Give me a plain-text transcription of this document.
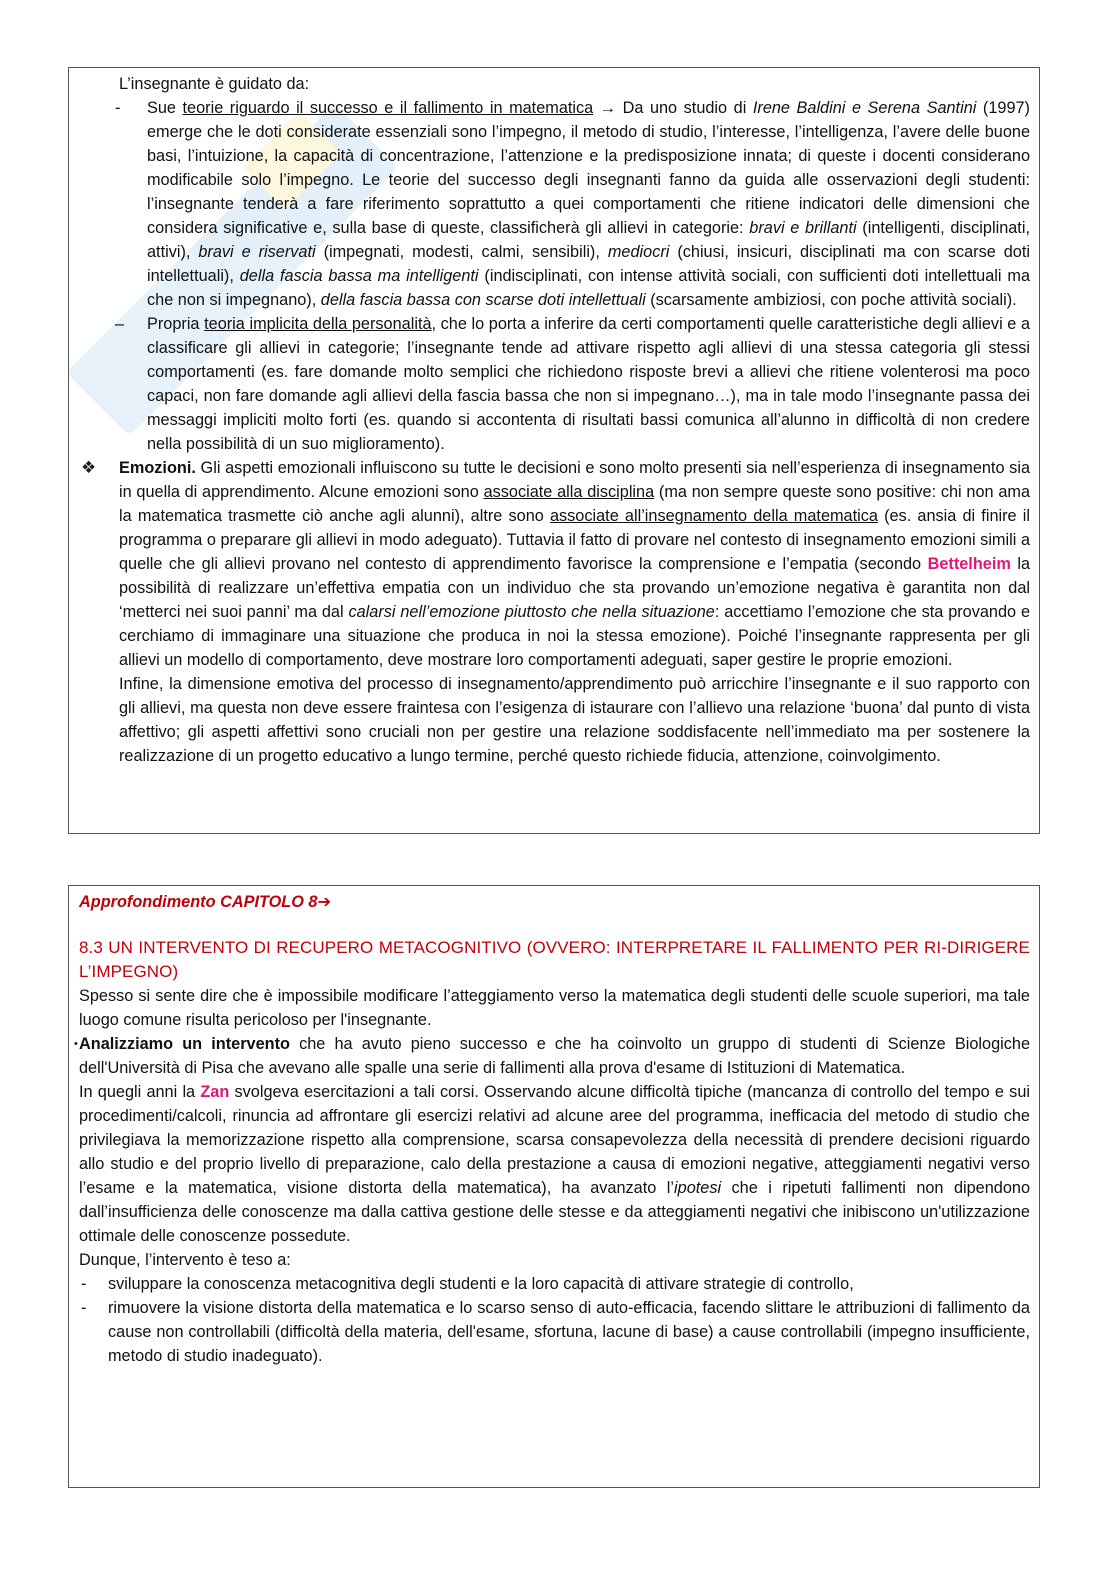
L’insegnante è guidato da:
- Sue teorie riguardo il successo e il fallimento in matematica → Da uno studio di Irene Baldini e Serena Santini (1997) emerge che le doti considerate essenziali sono l’impegno, il metodo di studio, l’interesse, l’intelligenza, l’avere delle buone basi, l’intuizione, la capacità di concentrazione, l’attenzione e la predisposizione innata; di queste i docenti considerano modificabile solo l’impegno. Le teorie del successo degli insegnanti fanno da guida alle osservazioni degli studenti: l’insegnante tenderà a fare riferimento soprattutto a quei comportamenti che ritiene indicatori delle dimensioni che considera significative e, sulla base di queste, classificherà gli allievi in categorie: bravi e brillanti (intelligenti, disciplinati, attivi), bravi e riservati (impegnati, modesti, calmi, sensibili), mediocri (chiusi, insicuri, disciplinati ma con scarse doti intellettuali), della fascia bassa ma intelligenti (indisciplinati, con intense attività sociali, con sufficienti doti intellettuali ma che non si impegnano), della fascia bassa con scarse doti intellettuali (scarsamente ambiziosi, con poche attività sociali).
– Propria teoria implicita della personalità, che lo porta a inferire da certi comportamenti quelle caratteristiche degli allievi e a classificare gli allievi in categorie; l’insegnante tende ad attivare rispetto agli allievi di una stessa categoria gli stessi comportamenti (es. fare domande molto semplici che richiedono risposte brevi a allievi che ritiene volenterosi ma poco capaci, non fare domande agli allievi della fascia bassa che non si impegnano…), ma in tale modo l’insegnante passa dei messaggi impliciti molto forti (es. quando si accontenta di risultati bassi comunica all’alunno in difficoltà di non credere nella possibilità di un suo miglioramento).
❖ Emozioni. Gli aspetti emozionali influiscono su tutte le decisioni e sono molto presenti sia nell’esperienza di insegnamento sia in quella di apprendimento. Alcune emozioni sono associate alla disciplina (ma non sempre queste sono positive: chi non ama la matematica trasmette ciò anche agli alunni), altre sono associate all’insegnamento della matematica (es. ansia di finire il programma o preparare gli allievi in modo adeguato). Tuttavia il fatto di provare nel contesto di insegnamento emozioni simili a quelle che gli allievi provano nel contesto di apprendimento favorisce la comprensione e l’empatia (secondo Bettelheim la possibilità di realizzare un’effettiva empatia con un individuo che sta provando un’emozione negativa è garantita non dal ‘metterci nei suoi panni’ ma dal calarsi nell’emozione piuttosto che nella situazione: accettiamo l’emozione che sta provando e cerchiamo di immaginare una situazione che produca in noi la stessa emozione). Poiché l’insegnante rappresenta per gli allievi un modello di comportamento, deve mostrare loro comportamenti adeguati, saper gestire le proprie emozioni.
Infine, la dimensione emotiva del processo di insegnamento/apprendimento può arricchire l’insegnante e il suo rapporto con gli allievi, ma questa non deve essere fraintesa con l’esigenza di istaurare con l’allievo una relazione ‘buona’ dal punto di vista affettivo; gli aspetti affettivi sono cruciali non per gestire una relazione soddisfacente nell’immediato ma per sostenere la realizzazione di un progetto educativo a lungo termine, perché questo richiede fiducia, attenzione, coinvolgimento.
Approfondimento CAPITOLO 8➔
8.3 UN INTERVENTO DI RECUPERO METACOGNITIVO (OVVERO: INTERPRETARE IL FALLIMENTO PER RI-DIRIGERE L’IMPEGNO)
Spesso si sente dire che è impossibile modificare l’atteggiamento verso la matematica degli studenti delle scuole superiori, ma tale luogo comune risulta pericoloso per l'insegnante.
• Analizziamo un intervento che ha avuto pieno successo e che ha coinvolto un gruppo di studenti di Scienze Biologiche dell'Università di Pisa che avevano alle spalle una serie di fallimenti alla prova d'esame di Istituzioni di Matematica.
In quegli anni la Zan svolgeva esercitazioni a tali corsi. Osservando alcune difficoltà tipiche (mancanza di controllo del tempo e sui procedimenti/calcoli, rinuncia ad affrontare gli esercizi relativi ad alcune aree del programma, inefficacia del metodo di studio che privilegiava la memorizzazione rispetto alla comprensione, scarsa consapevolezza della necessità di prendere decisioni riguardo allo studio e del proprio livello di preparazione, calo della prestazione a causa di emozioni negative, atteggiamenti negativi verso l’esame e la matematica, visione distorta della matematica), ha avanzato l’ipotesi che i ripetuti fallimenti non dipendono dall’insufficienza delle conoscenze ma dalla cattiva gestione delle stesse e da atteggiamenti negativi che inibiscono un'utilizzazione ottimale delle conoscenze possedute.
Dunque, l’intervento è teso a:
- sviluppare la conoscenza metacognitiva degli studenti e la loro capacità di attivare strategie di controllo,
- rimuovere la visione distorta della matematica e lo scarso senso di auto-efficacia, facendo slittare le attribuzioni di fallimento da cause non controllabili (difficoltà della materia, dell'esame, sfortuna, lacune di base) a cause controllabili (impegno insufficiente, metodo di studio inadeguato).
